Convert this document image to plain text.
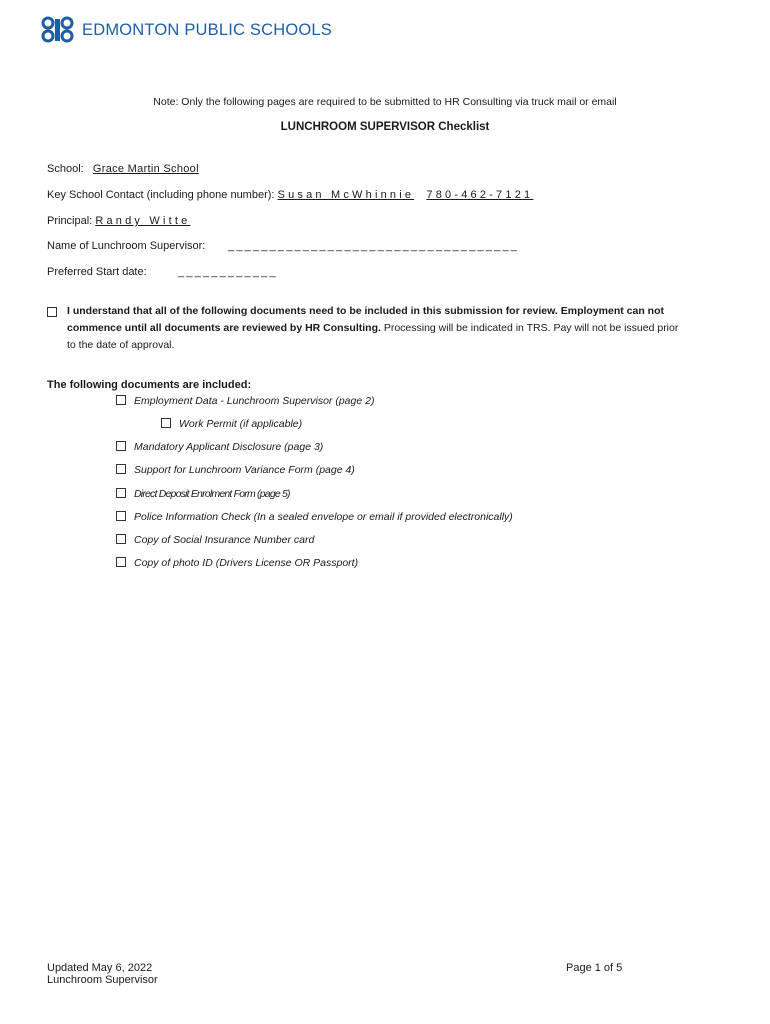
EDMONTON PUBLIC SCHOOLS
Note: Only the following pages are required to be submitted to HR Consulting via truck mail or email
LUNCHROOM SUPERVISOR Checklist
School: Grace Martin School
Key School Contact (including phone number): Susan McWhinnie 780-462-7121
Principal: Randy Witte
Name of Lunchroom Supervisor: ___________________________________
Preferred Start date:	____________
I understand that all of the following documents need to be included in this submission for review. Employment can not commence until all documents are reviewed by HR Consulting. Processing will be indicated in TRS. Pay will not be issued prior to the date of approval.
The following documents are included:
Employment Data - Lunchroom Supervisor (page 2)
Work Permit (if applicable)
Mandatory Applicant Disclosure (page 3)
Support for Lunchroom Variance Form (page 4)
Direct Deposit Enrolment Form (page 5)
Police Information Check (In a sealed envelope or email if provided electronically)
Copy of Social Insurance Number card
Copy of photo ID (Drivers License OR Passport)
Updated May 6, 2022
Lunchroom Supervisor
Page 1 of 5
